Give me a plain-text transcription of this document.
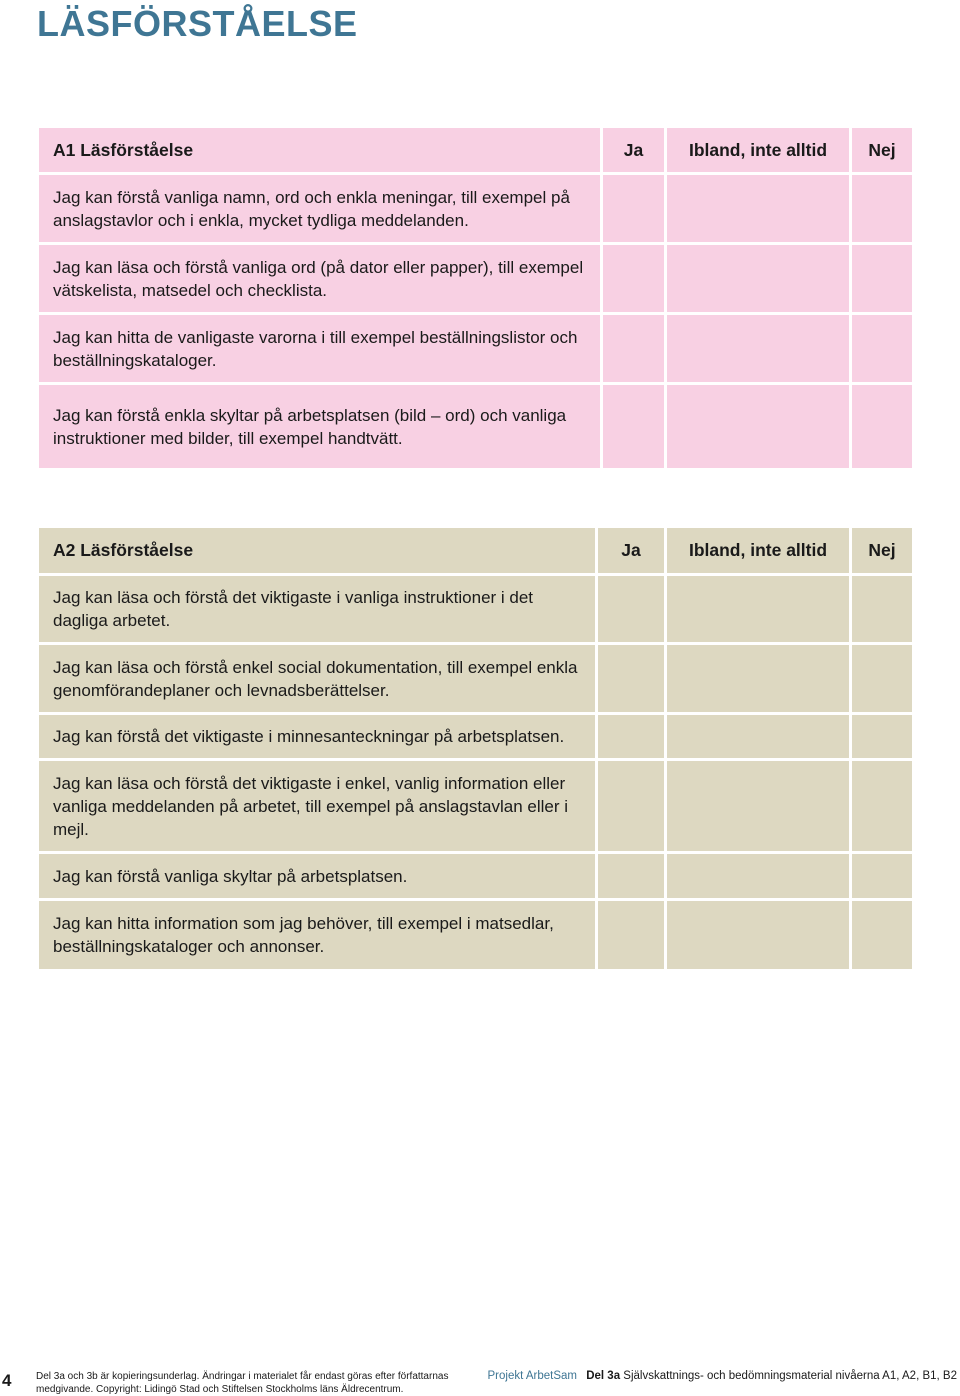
LÄSFÖRSTÅELSE
A1 Läsförståelse	Ja	Ibland, inte alltid	Nej
Jag kan förstå vanliga namn, ord och enkla meningar, till exempel på anslagstavlor och i enkla, mycket tydliga meddelanden.			
Jag kan läsa och förstå vanliga ord (på dator eller papper), till exempel vätskelista, matsedel och checklista.			
Jag kan hitta de vanligaste varorna i till exempel beställningslistor och beställningskataloger.			
Jag kan förstå enkla skyltar på arbetsplatsen (bild – ord) och vanliga instruktioner med bilder, till exempel handtvätt.			
A2 Läsförståelse	Ja	Ibland, inte alltid	Nej
Jag kan läsa och förstå det viktigaste i vanliga instruktioner i det dagliga arbetet.			
Jag kan läsa och förstå enkel social dokumentation, till exempel enkla genomförandeplaner och levnadsberättelser.			
Jag kan förstå det viktigaste i minnesanteckningar på arbetsplatsen.			
Jag kan läsa och förstå det viktigaste i enkel, vanlig information eller vanliga meddelanden på arbetet, till exempel på anslagstavlan eller i mejl.			
Jag kan förstå vanliga skyltar på arbetsplatsen.			
Jag kan hitta information som jag behöver, till exempel i matsedlar, beställningskataloger och annonser.			
4 Del 3a och 3b är kopieringsunderlag. Ändringar i materialet får endast göras efter författarnas medgivande. Copyright: Lidingö Stad och Stiftelsen Stockholms läns Äldrecentrum.
Projekt ArbetSam Del 3a Självskattnings- och bedömningsmaterial nivåerna A1, A2, B1, B2
